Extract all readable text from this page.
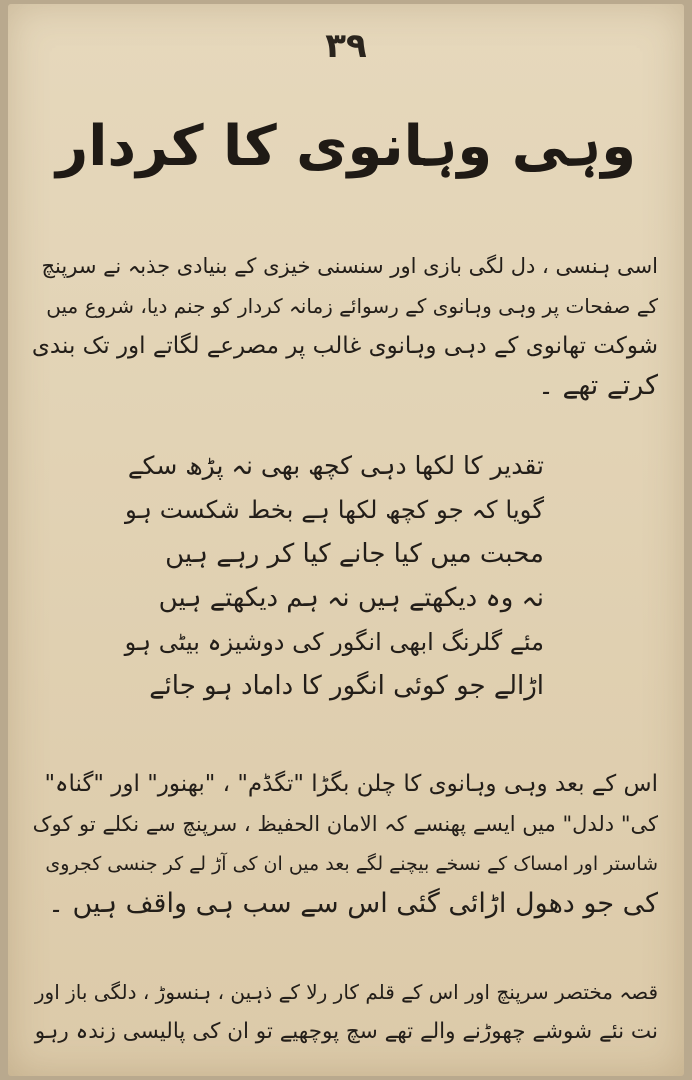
۳۹
وہی وہانوی کا کردار
اسی ہنسی ، دل لگی بازی اور سنسنی خیزی کے بنیادی جذبہ نے سرپنچ
کے صفحات پر وہی وہانوی کے رسوائے زمانہ کردار کو جنم دیا، شروع میں
شوکت تھانوی کے دہی وہانوی غالب پر مصرعے لگاتے اور تک بندی
کرتے تھے ۔
تقدیر کا لکھا دہی کچھ بھی نہ پڑھ سکے
گویا کہ جو کچھ لکھا ہے بخط شکست ہو
محبت میں کیا جانے کیا کر رہے ہیں
نہ وہ دیکھتے ہیں نہ ہم دیکھتے ہیں
مئے گلرنگ ابھی انگور کی دوشیزہ بیٹی ہو
اڑالے جو کوئی انگور کا داماد ہو جائے
اس کے بعد وہی وہانوی کا چلن بگڑا "تگڈم" ، "بھنور" اور "گناہ"
کی" دلدل" میں ایسے پھنسے کہ الامان الحفیظ ، سرپنچ سے نکلے تو کوک
شاستر اور امساک کے نسخے بیچنے لگے بعد میں ان کی آڑ لے کر جنسی کجروی
کی جو دھول اڑائی گئی اس سے سب ہی واقف ہیں ۔
قصہ مختصر سرپنچ اور اس کے قلم کار رلا کے ذہین ، ہنسوڑ ، دلگی باز اور
نت نئے شوشے چھوڑنے والے تھے سچ پوچھیے تو ان کی پالیسی زندہ رہو
